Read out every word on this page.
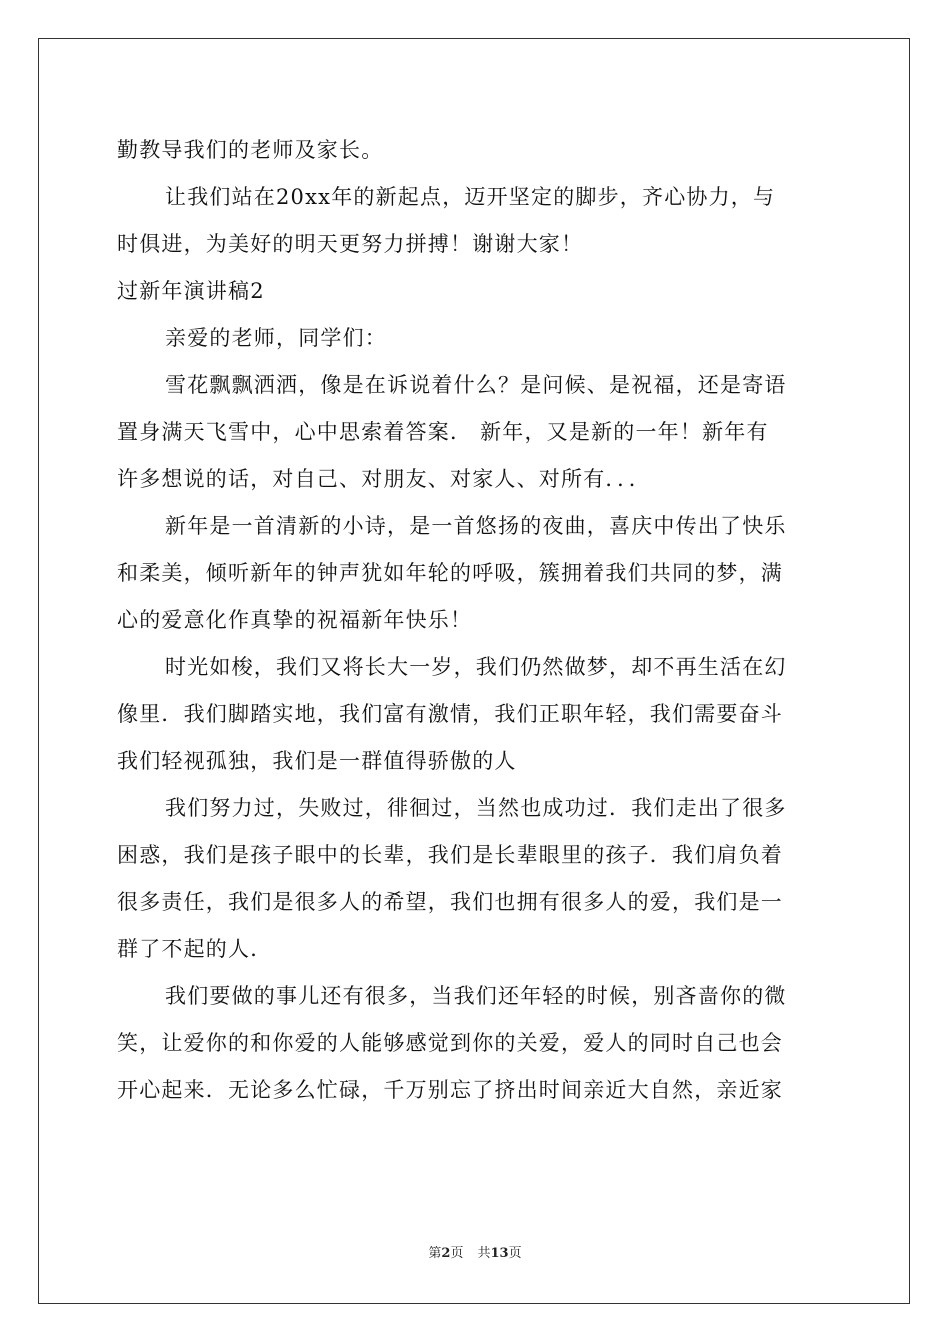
勤教导我们的老师及家长。
让我们站在20xx年的新起点，迈开坚定的脚步，齐心协力，与
时俱进，为美好的明天更努力拼搏！谢谢大家！
过新年演讲稿2
亲爱的老师，同学们：
雪花飘飘洒洒，像是在诉说着什么？是问候、是祝福，还是寄语
置身满天飞雪中，心中思索着答案． 新年，又是新的一年！新年有
许多想说的话，对自己、对朋友、对家人、对所有．．．
新年是一首清新的小诗，是一首悠扬的夜曲，喜庆中传出了快乐
和柔美，倾听新年的钟声犹如年轮的呼吸，簇拥着我们共同的梦，满
心的爱意化作真挚的祝福新年快乐！
时光如梭，我们又将长大一岁，我们仍然做梦，却不再生活在幻
像里．我们脚踏实地，我们富有激情，我们正职年轻，我们需要奋斗
我们轻视孤独，我们是一群值得骄傲的人
我们努力过，失败过，徘徊过，当然也成功过．我们走出了很多
困惑，我们是孩子眼中的长辈，我们是长辈眼里的孩子．我们肩负着
很多责任，我们是很多人的希望，我们也拥有很多人的爱，我们是一
群了不起的人．
我们要做的事儿还有很多，当我们还年轻的时候，别吝啬你的微
笑，让爱你的和你爱的人能够感觉到你的关爱，爱人的同时自己也会
开心起来．无论多么忙碌，千万别忘了挤出时间亲近大自然，亲近家
第2页 共13页
